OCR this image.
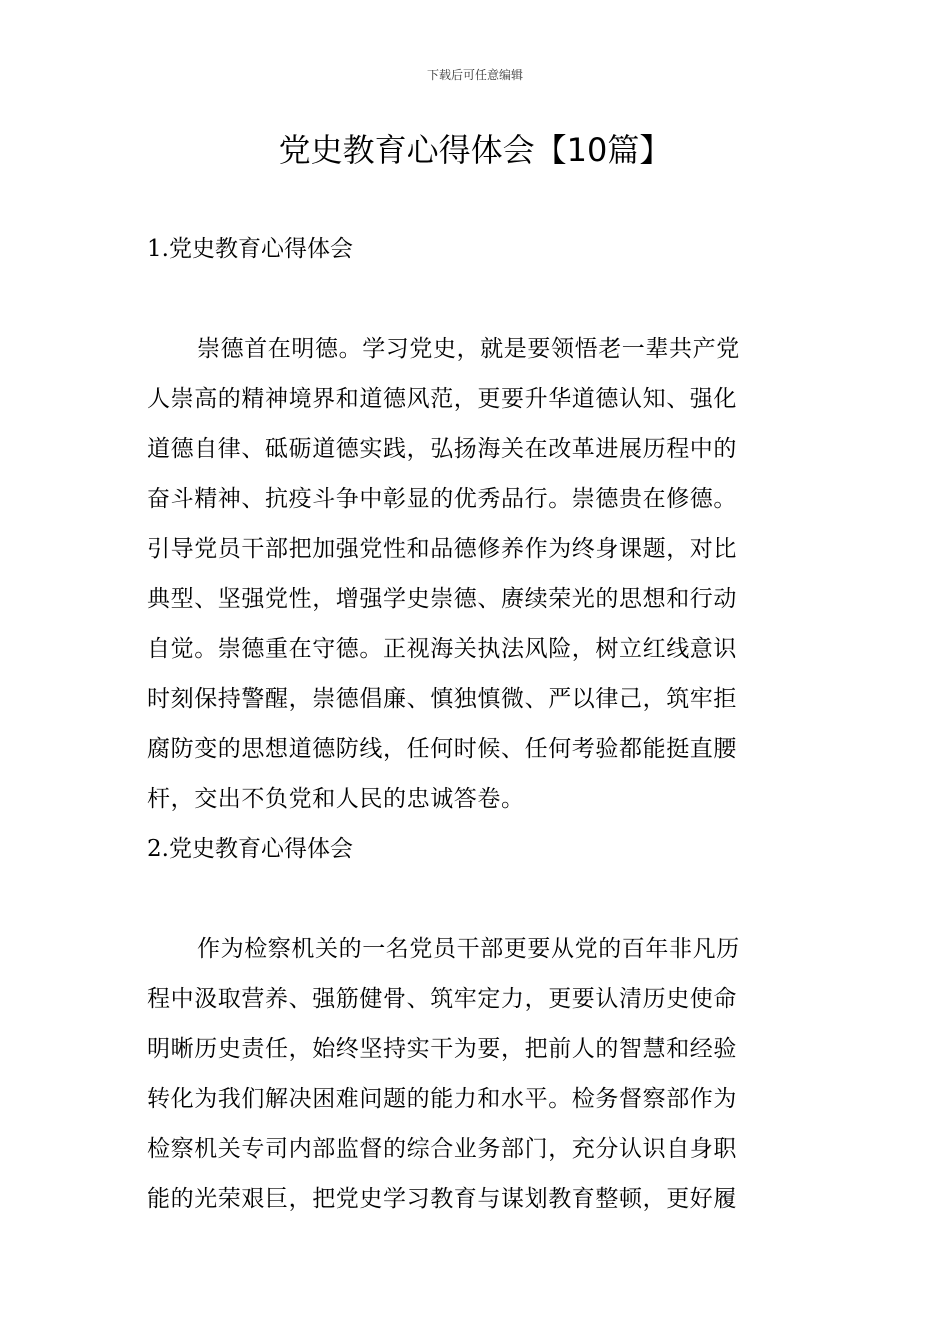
下载后可任意编辑
党史教育心得体会【10篇】
1.党史教育心得体会
崇德首在明德。学习党史，就是要领悟老一辈共产党
人崇高的精神境界和道德风范，更要升华道德认知、强化
道德自律、砥砺道德实践，弘扬海关在改革进展历程中的
奋斗精神、抗疫斗争中彰显的优秀品行。崇德贵在修德。
引导党员干部把加强党性和品德修养作为终身课题，对比
典型、坚强党性，增强学史崇德、赓续荣光的思想和行动
自觉。崇德重在守德。正视海关执法风险，树立红线意识
时刻保持警醒，崇德倡廉、慎独慎微、严以律己，筑牢拒
腐防变的思想道德防线，任何时候、任何考验都能挺直腰
杆，交出不负党和人民的忠诚答卷。
2.党史教育心得体会
作为检察机关的一名党员干部更要从党的百年非凡历
程中汲取营养、强筋健骨、筑牢定力，更要认清历史使命
明晰历史责任，始终坚持实干为要，把前人的智慧和经验
转化为我们解决困难问题的能力和水平。检务督察部作为
检察机关专司内部监督的综合业务部门，充分认识自身职
能的光荣艰巨，把党史学习教育与谋划教育整顿，更好履
